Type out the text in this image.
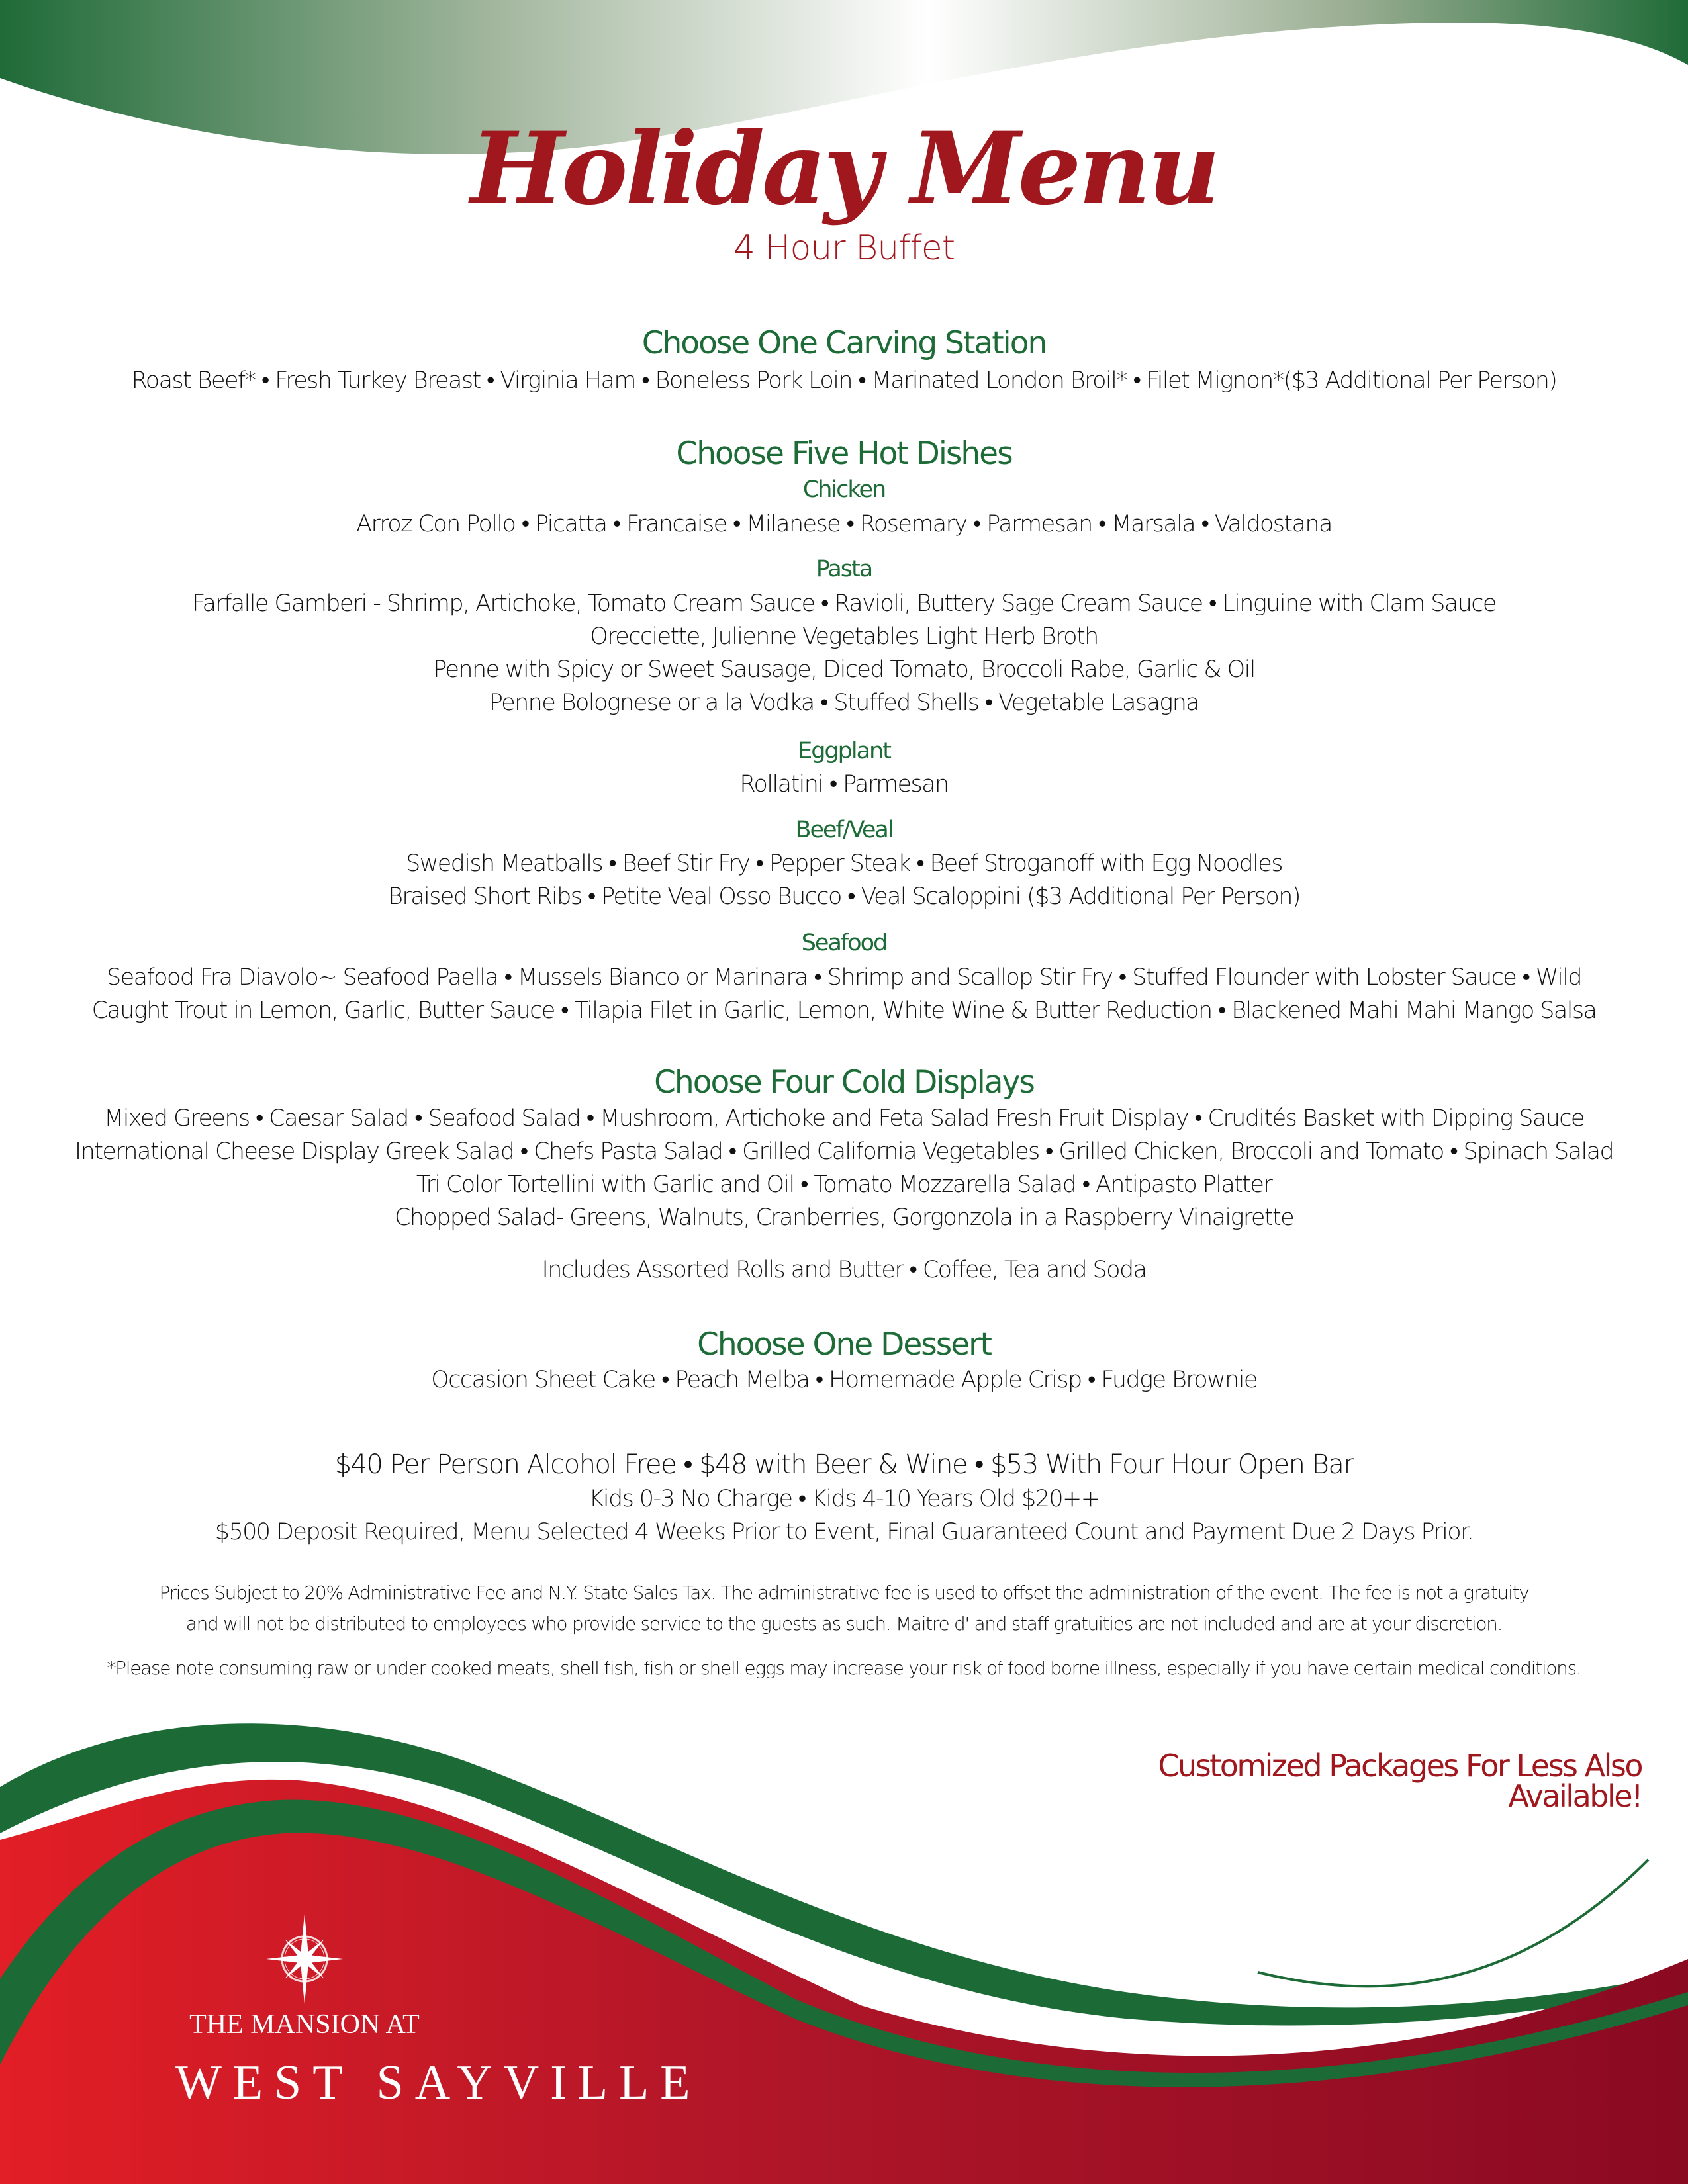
Holiday Menu
4 Hour Buffet
Choose One Carving Station
Roast Beef* • Fresh Turkey Breast • Virginia Ham • Boneless Pork Loin • Marinated London Broil* • Filet Mignon*($3 Additional Per Person)
Choose Five Hot Dishes
Chicken
Arroz Con Pollo • Picatta • Francaise • Milanese • Rosemary • Parmesan • Marsala • Valdostana
Pasta
Farfalle Gamberi - Shrimp, Artichoke, Tomato Cream Sauce • Ravioli, Buttery Sage Cream Sauce • Linguine with Clam Sauce
Orecciette, Julienne Vegetables Light Herb Broth
Penne with Spicy or Sweet Sausage, Diced Tomato, Broccoli Rabe, Garlic & Oil
Penne Bolognese or a la Vodka • Stuffed Shells • Vegetable Lasagna
Eggplant
Rollatini • Parmesan
Beef/Veal
Swedish Meatballs • Beef Stir Fry • Pepper Steak • Beef Stroganoff with Egg Noodles
Braised Short Ribs • Petite Veal Osso Bucco • Veal Scaloppini ($3 Additional Per Person)
Seafood
Seafood Fra Diavolo~ Seafood Paella • Mussels Bianco or Marinara • Shrimp and Scallop Stir Fry • Stuffed Flounder with Lobster Sauce • Wild
Caught Trout in Lemon, Garlic, Butter Sauce • Tilapia Filet in Garlic, Lemon, White Wine & Butter Reduction • Blackened Mahi Mahi Mango Salsa
Choose Four Cold Displays
Mixed Greens • Caesar Salad • Seafood Salad • Mushroom, Artichoke and Feta Salad Fresh Fruit Display • Crudités Basket with Dipping Sauce
International Cheese Display Greek Salad • Chefs Pasta Salad • Grilled California Vegetables • Grilled Chicken, Broccoli and Tomato • Spinach Salad
Tri Color Tortellini with Garlic and Oil • Tomato Mozzarella Salad • Antipasto Platter
Chopped Salad- Greens, Walnuts, Cranberries, Gorgonzola in a Raspberry Vinaigrette
Includes Assorted Rolls and Butter • Coffee, Tea and Soda
Choose One Dessert
Occasion Sheet Cake • Peach Melba • Homemade Apple Crisp • Fudge Brownie
$40 Per Person Alcohol Free • $48 with Beer & Wine • $53 With Four Hour Open Bar
Kids 0-3 No Charge • Kids 4-10 Years Old $20++
$500 Deposit Required, Menu Selected 4 Weeks Prior to Event, Final Guaranteed Count and Payment Due 2 Days Prior.
Prices Subject to 20% Administrative Fee and N.Y. State Sales Tax. The administrative fee is used to offset the administration of the event. The fee is not a gratuity
and will not be distributed to employees who provide service to the guests as such. Maitre d' and staff gratuities are not included and are at your discretion.
*Please note consuming raw or under cooked meats, shell fish, fish or shell eggs may increase your risk of food borne illness, especially if you have certain medical conditions.
Customized Packages For Less Also Available!
THE MANSION AT
WEST SAYVILLE
